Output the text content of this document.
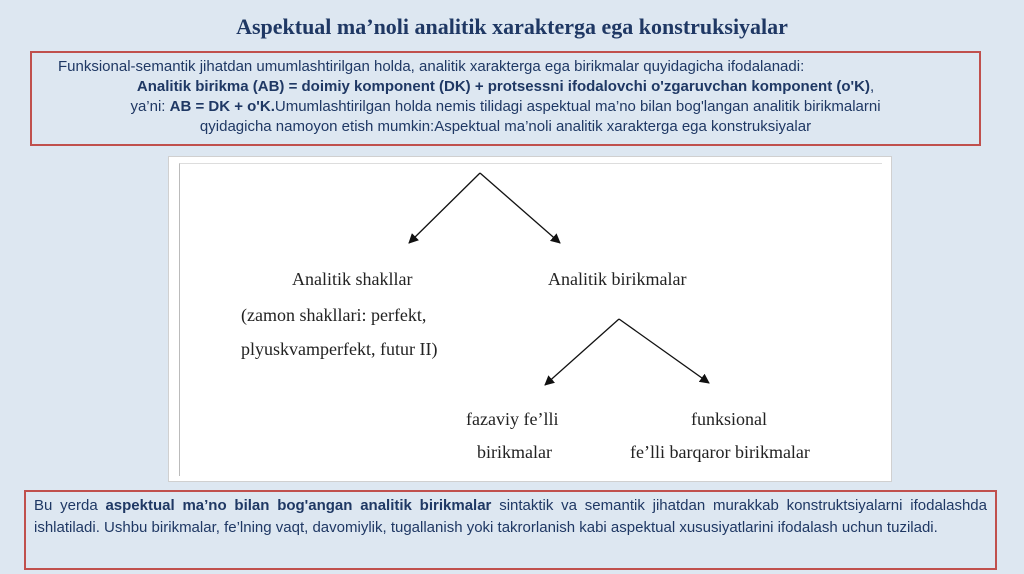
Aspektual ma’noli analitik xarakterga ega konstruksiyalar

Funksional-semantik jihatdan umumlashtirilgan holda, analitik xarakterga ega birikmalar quyidagicha ifodalanadi:

Analitik birikma (AB) = doimiy komponent (DK) + protsessni ifodalovchi o'zgaruvchan komponent (o'K),

ya’ni: AB = DK + o'K.Umumlashtirilgan holda nemis tilidagi aspektual ma’no bilan bog'langan analitik birikmalarni

qyidagicha namoyon etish mumkin:Aspektual ma’noli analitik xarakterga ega konstruksiyalar

Analitik shakllar
(zamon shakllari: perfekt,
plyuskvamperfekt, futur II)
Analitik birikmalar
fazaviy fe’lli
birikmalar
funksional
fe’lli barqaror birikmalar

Bu yerda aspektual ma’no bilan bog'angan analitik birikmalar sintaktik va semantik jihatdan murakkab konstruktsiyalarni ifodalashda ishlatiladi. Ushbu birikmalar, fe’lning vaqt, davomiylik, tugallanish yoki takrorlanish kabi aspektual xususiyatlarini ifodalash uchun tuziladi.
